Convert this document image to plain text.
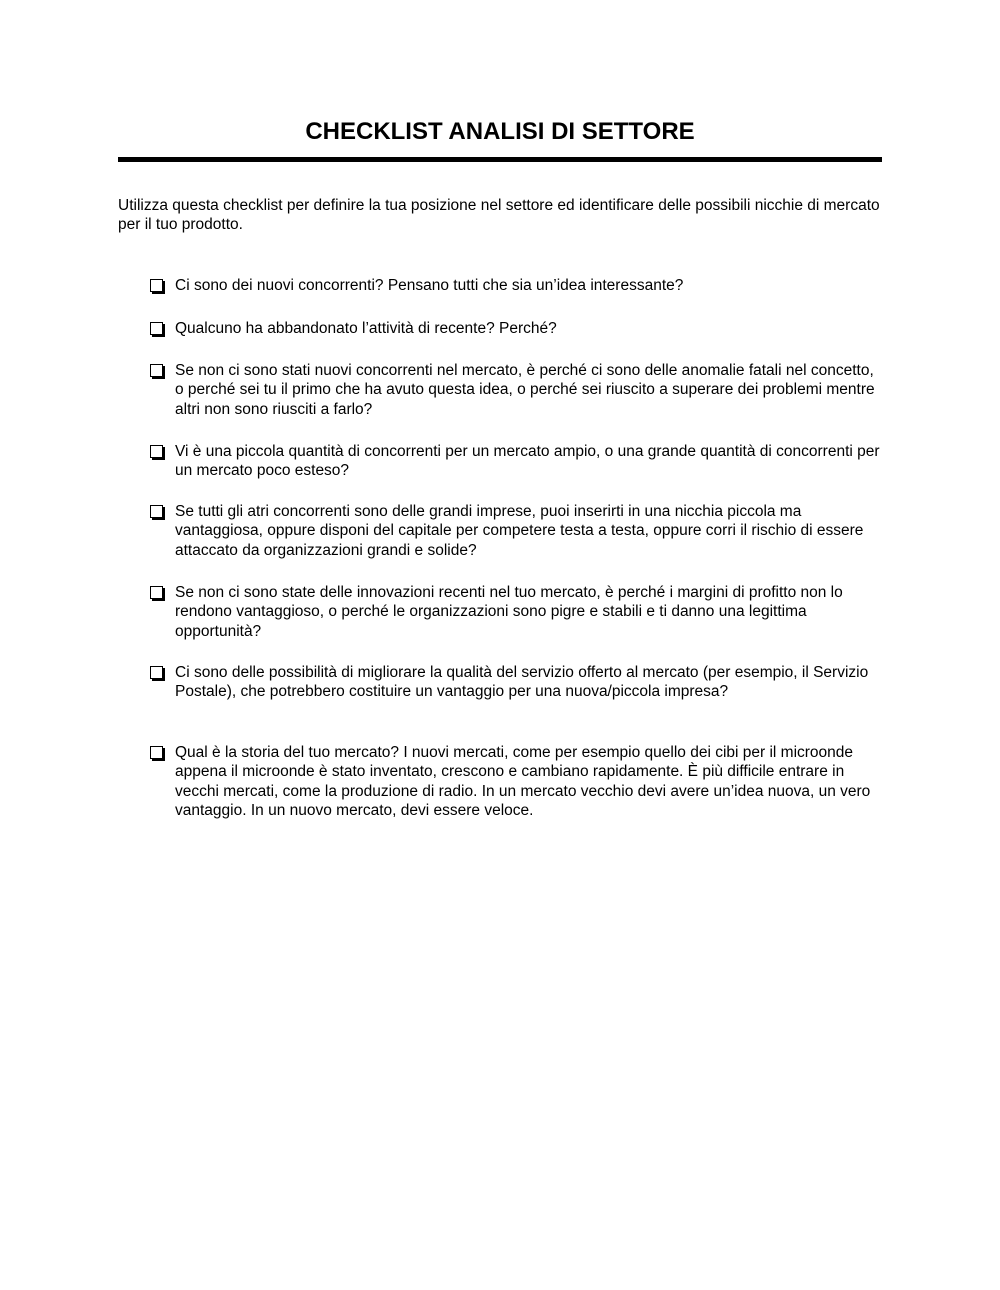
CHECKLIST ANALISI DI SETTORE

Utilizza questa checklist per definire la tua posizione nel settore ed identificare delle possibili nicchie di mercato per il tuo prodotto.

Ci sono dei nuovi concorrenti? Pensano tutti che sia un’idea interessante?

Qualcuno ha abbandonato l’attività di recente? Perché?

Se non ci sono stati nuovi concorrenti nel mercato, è perché ci sono delle anomalie fatali nel concetto, o perché sei tu il primo che ha avuto questa idea, o perché sei riuscito a superare dei problemi mentre altri non sono riusciti a farlo?

Vi è una piccola quantità di concorrenti per un mercato ampio, o una grande quantità di concorrenti per un mercato poco esteso?

Se tutti gli atri concorrenti sono delle grandi imprese, puoi inserirti in una nicchia piccola ma vantaggiosa, oppure disponi del capitale per competere testa a testa, oppure corri il rischio di essere attaccato da organizzazioni grandi e solide?

Se non ci sono state delle innovazioni recenti nel tuo mercato, è perché i margini di profitto non lo rendono vantaggioso, o perché le organizzazioni sono pigre e stabili e ti danno una legittima opportunità?

Ci sono delle possibilità di migliorare la qualità del servizio offerto al mercato (per esempio, il Servizio Postale), che potrebbero costituire un vantaggio per una nuova/piccola impresa?

Qual è la storia del tuo mercato? I nuovi mercati, come per esempio quello dei cibi per il microonde appena il microonde è stato inventato, crescono e cambiano rapidamente. È più difficile entrare in vecchi mercati, come la produzione di radio. In un mercato vecchio devi avere un’idea nuova, un vero vantaggio. In un nuovo mercato, devi essere veloce.
